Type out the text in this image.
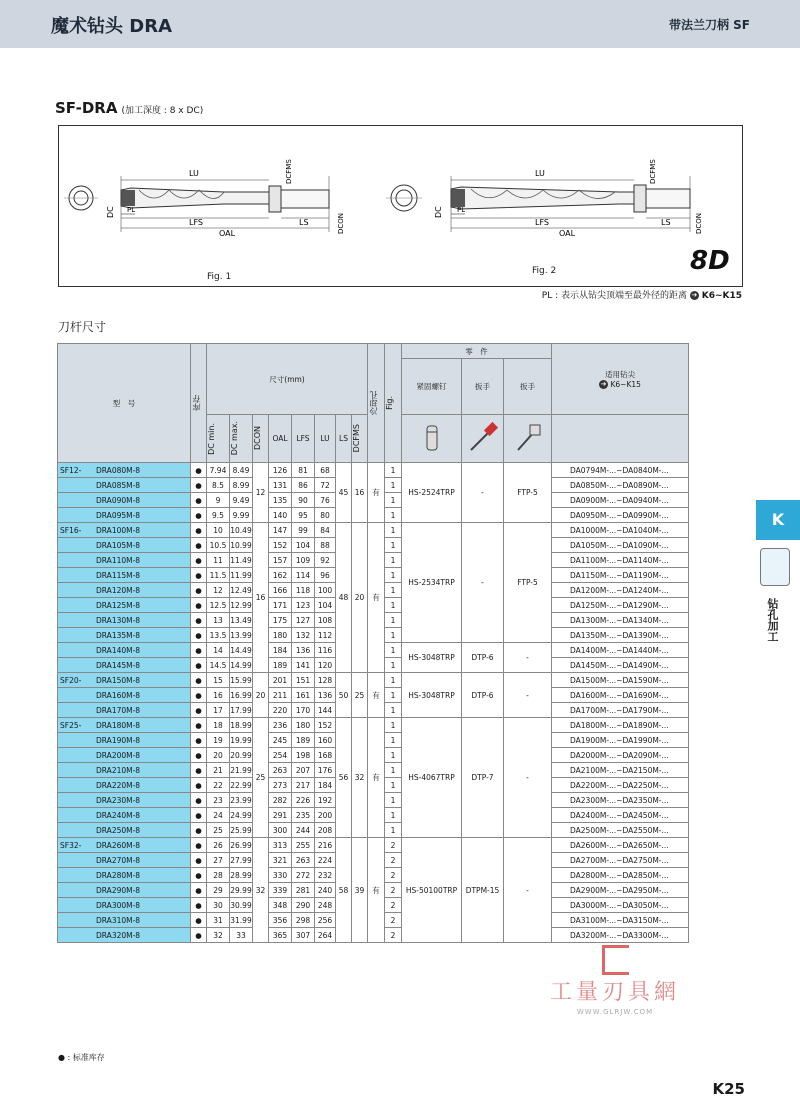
魔术钻头 DRA	带法兰刀柄 SF
SF-DRA (加工深度 : 8 x DC)
LU
PL
LFS	LS
OAL
DC
DCFMS
DCON
LU
PL
LFS	LS
OAL
DC
DCFMS
DCON
Fig. 1
Fig. 2	8D
PL : 表示从钻尖顶端至最外径的距离 ➔ K6~K15
刀杆尺寸
型　号	库存	尺寸(mm)								冷却孔	Fig.	零　件			适用钻尖
➔ K6~K15

												紧固螺钉	扳手	扳手	

		DC min.	DC max.	DCON	OAL	LFS	LU	LS	DCFMS

SF12- DRA080M-8	●	7.94	8.49	12	126	81	68	45	16	有	1	HS-2524TRP	-	FTP-5	DA0794M-...~DA0840M-...
DRA085M-8	●	8.5	8.99		131	86	72				1				DA0850M-...~DA0890M-...
DRA090M-8	●	9	9.49		135	90	76				1				DA0900M-...~DA0940M-...
DRA095M-8	●	9.5	9.99		140	95	80				1				DA0950M-...~DA0990M-...
SF16- DRA100M-8	●	10	10.49	16	147	99	84	48	20	有	1	HS-2534TRP	-	FTP-5	DA1000M-...~DA1040M-...
DRA105M-8	●	10.5	10.99		152	104	88				1				DA1050M-...~DA1090M-...
DRA110M-8	●	11	11.49		157	109	92				1				DA1100M-...~DA1140M-...
DRA115M-8	●	11.5	11.99		162	114	96				1				DA1150M-...~DA1190M-...
DRA120M-8	●	12	12.49		166	118	100				1				DA1200M-...~DA1240M-...
DRA125M-8	●	12.5	12.99		171	123	104				1				DA1250M-...~DA1290M-...
DRA130M-8	●	13	13.49		175	127	108				1				DA1300M-...~DA1340M-...
DRA135M-8	●	13.5	13.99		180	132	112				1				DA1350M-...~DA1390M-...
DRA140M-8	●	14	14.49		184	136	116				1	HS-3048TRP	DTP-6	-	DA1400M-...~DA1440M-...
DRA145M-8	●	14.5	14.99		189	141	120				1				DA1450M-...~DA1490M-...
SF20- DRA150M-8	●	15	15.99	20	201	151	128	50	25	有	1	HS-3048TRP	DTP-6	-	DA1500M-...~DA1590M-...
DRA160M-8	●	16	16.99		211	161	136				1				DA1600M-...~DA1690M-...
DRA170M-8	●	17	17.99		220	170	144				1				DA1700M-...~DA1790M-...
SF25- DRA180M-8	●	18	18.99	25	236	180	152	56	32	有	1	HS-4067TRP	DTP-7	-	DA1800M-...~DA1890M-...
DRA190M-8	●	19	19.99		245	189	160				1				DA1900M-...~DA1990M-...
DRA200M-8	●	20	20.99		254	198	168				1				DA2000M-...~DA2090M-...
DRA210M-8	●	21	21.99		263	207	176				1				DA2100M-...~DA2150M-...
DRA220M-8	●	22	22.99		273	217	184				1				DA2200M-...~DA2250M-...
DRA230M-8	●	23	23.99		282	226	192				1				DA2300M-...~DA2350M-...
DRA240M-8	●	24	24.99		291	235	200				1				DA2400M-...~DA2450M-...
DRA250M-8	●	25	25.99		300	244	208				1				DA2500M-...~DA2550M-...
SF32- DRA260M-8	●	26	26.99	32	313	255	216	58	39	有	2	HS-50100TRP	DTPM-15	-	DA2600M-...~DA2650M-...
DRA270M-8	●	27	27.99		321	263	224				2				DA2700M-...~DA2750M-...
DRA280M-8	●	28	28.99		330	272	232				2				DA2800M-...~DA2850M-...
DRA290M-8	●	29	29.99		339	281	240				2				DA2900M-...~DA2950M-...
DRA300M-8	●	30	30.99		348	290	248				2				DA3000M-...~DA3050M-...
DRA310M-8	●	31	31.99		356	298	256				2				DA3100M-...~DA3150M-...
DRA320M-8	●	32	33		365	307	264				2				DA3200M-...~DA3300M-...
K
钻孔加工
工量刃具網
WWW.GLRJW.COM
● : 标准库存
K25
